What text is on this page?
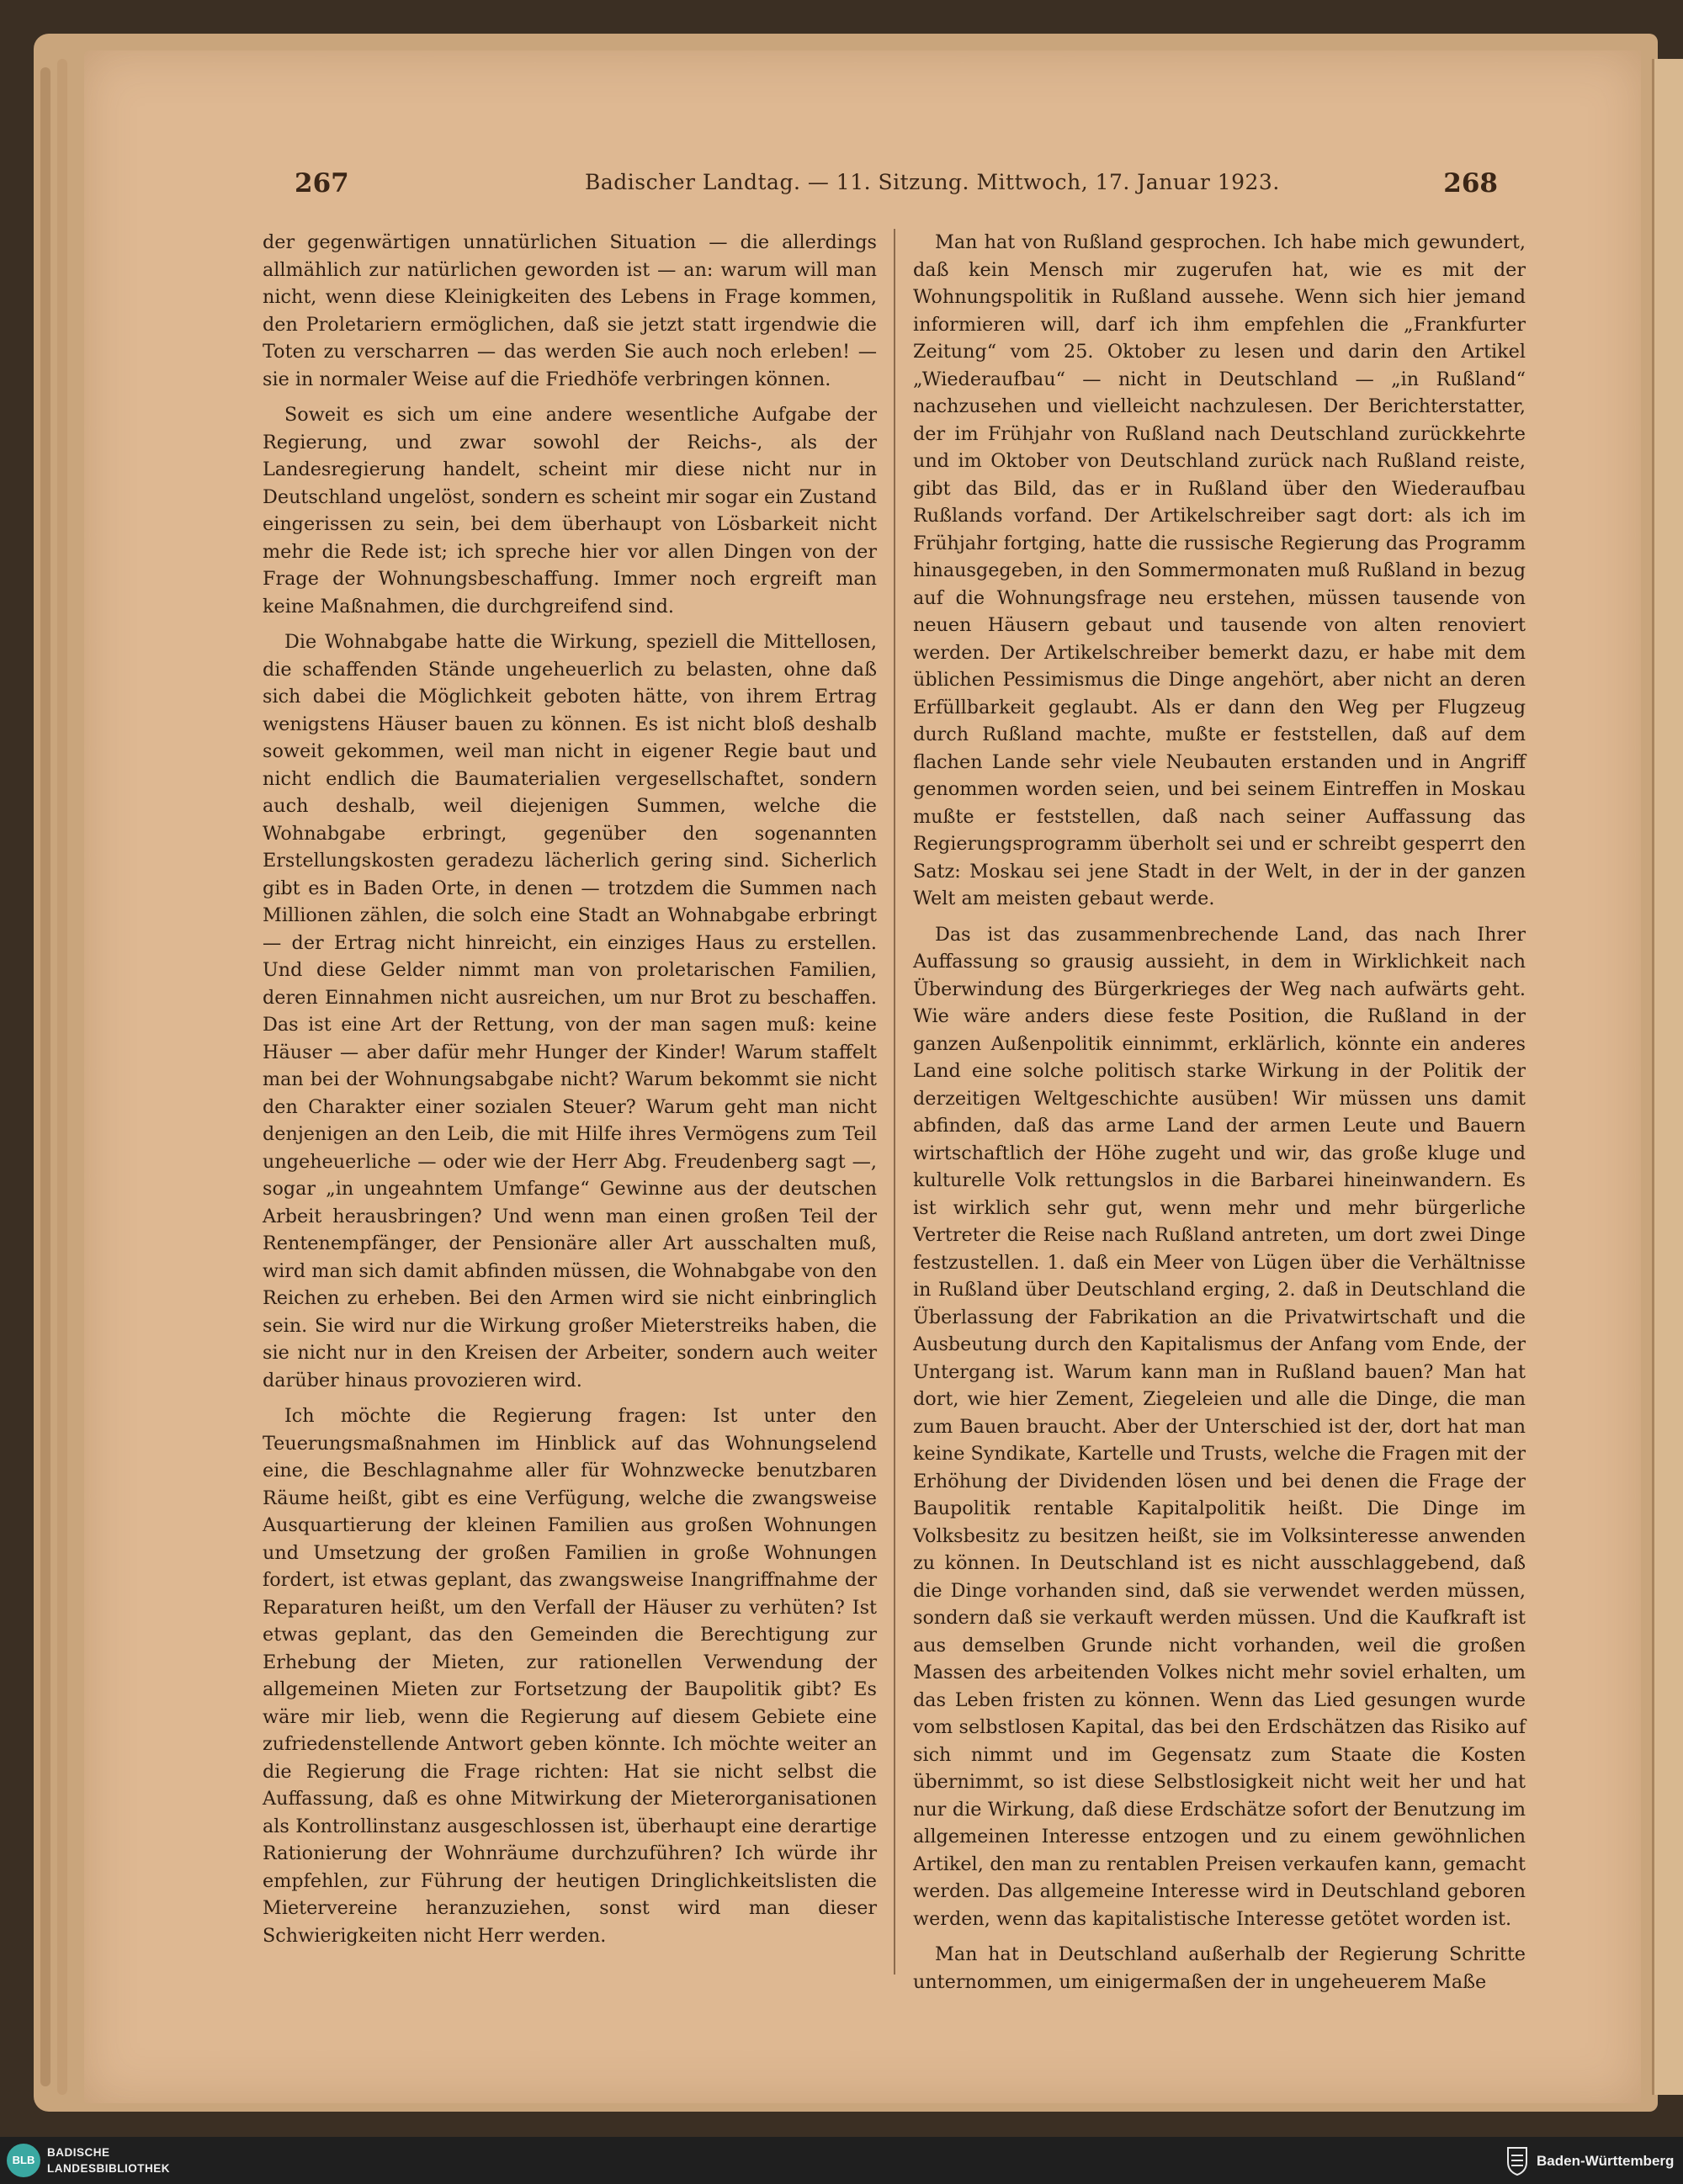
267	Badischer Landtag. — 11. Sitzung. Mittwoch, 17. Januar 1923.	268

der gegenwärtigen unnatürlichen Situation — die allerdings allmählich zur natürlichen geworden ist — an: warum will man nicht, wenn diese Kleinigkeiten des Lebens in Frage kommen, den Proletariern ermöglichen, daß sie jetzt statt irgendwie die Toten zu verscharren — das werden Sie auch noch erleben! — sie in normaler Weise auf die Friedhöfe verbringen können.

Soweit es sich um eine andere wesentliche Aufgabe der Regierung, und zwar sowohl der Reichs-, als der Landesregierung handelt, scheint mir diese nicht nur in Deutschland ungelöst, sondern es scheint mir sogar ein Zustand eingerissen zu sein, bei dem überhaupt von Lösbarkeit nicht mehr die Rede ist; ich spreche hier vor allen Dingen von der Frage der Wohnungsbeschaffung. Immer noch ergreift man keine Maßnahmen, die durchgreifend sind.

Die Wohnabgabe hatte die Wirkung, speziell die Mittellosen, die schaffenden Stände ungeheuerlich zu belasten, ohne daß sich dabei die Möglichkeit geboten hätte, von ihrem Ertrag wenigstens Häuser bauen zu können. Es ist nicht bloß deshalb soweit gekommen, weil man nicht in eigener Regie baut und nicht endlich die Baumaterialien vergesellschaftet, sondern auch deshalb, weil diejenigen Summen, welche die Wohnabgabe erbringt, gegenüber den sogenannten Erstellungskosten geradezu lächerlich gering sind. Sicherlich gibt es in Baden Orte, in denen — trotzdem die Summen nach Millionen zählen, die solch eine Stadt an Wohnabgabe erbringt — der Ertrag nicht hinreicht, ein einziges Haus zu erstellen. Und diese Gelder nimmt man von proletarischen Familien, deren Einnahmen nicht ausreichen, um nur Brot zu beschaffen. Das ist eine Art der Rettung, von der man sagen muß: keine Häuser — aber dafür mehr Hunger der Kinder! Warum staffelt man bei der Wohnungsabgabe nicht? Warum bekommt sie nicht den Charakter einer sozialen Steuer? Warum geht man nicht denjenigen an den Leib, die mit Hilfe ihres Vermögens zum Teil ungeheuerliche — oder wie der Herr Abg. Freudenberg sagt —, sogar „in ungeahntem Umfange“ Gewinne aus der deutschen Arbeit herausbringen? Und wenn man einen großen Teil der Rentenempfänger, der Pensionäre aller Art ausschalten muß, wird man sich damit abfinden müssen, die Wohnabgabe von den Reichen zu erheben. Bei den Armen wird sie nicht einbringlich sein. Sie wird nur die Wirkung großer Mieterstreiks haben, die sie nicht nur in den Kreisen der Arbeiter, sondern auch weiter darüber hinaus provozieren wird.

Ich möchte die Regierung fragen: Ist unter den Teuerungsmaßnahmen im Hinblick auf das Wohnungselend eine, die Beschlagnahme aller für Wohnzwecke benutzbaren Räume heißt, gibt es eine Verfügung, welche die zwangsweise Ausquartierung der kleinen Familien aus großen Wohnungen und Umsetzung der großen Familien in große Wohnungen fordert, ist etwas geplant, das zwangsweise Inangriffnahme der Reparaturen heißt, um den Verfall der Häuser zu verhüten? Ist etwas geplant, das den Gemeinden die Berechtigung zur Erhebung der Mieten, zur rationellen Verwendung der allgemeinen Mieten zur Fortsetzung der Baupolitik gibt? Es wäre mir lieb, wenn die Regierung auf diesem Gebiete eine zufriedenstellende Antwort geben könnte. Ich möchte weiter an die Regierung die Frage richten: Hat sie nicht selbst die Auffassung, daß es ohne Mitwirkung der Mieterorganisationen als Kontrollinstanz ausgeschlossen ist, überhaupt eine derartige Rationierung der Wohnräume durchzuführen? Ich würde ihr empfehlen, zur Führung der heutigen Dringlichkeitslisten die Mietervereine heranzuziehen, sonst wird man dieser Schwierigkeiten nicht Herr werden.

Man hat von Rußland gesprochen. Ich habe mich gewundert, daß kein Mensch mir zugerufen hat, wie es mit der Wohnungspolitik in Rußland aussehe. Wenn sich hier jemand informieren will, darf ich ihm empfehlen die „Frankfurter Zeitung“ vom 25. Oktober zu lesen und darin den Artikel „Wiederaufbau“ — nicht in Deutschland — „in Rußland“ nachzusehen und vielleicht nachzulesen. Der Berichterstatter, der im Frühjahr von Rußland nach Deutschland zurückkehrte und im Oktober von Deutschland zurück nach Rußland reiste, gibt das Bild, das er in Rußland über den Wiederaufbau Rußlands vorfand. Der Artikelschreiber sagt dort: als ich im Frühjahr fortging, hatte die russische Regierung das Programm hinausgegeben, in den Sommermonaten muß Rußland in bezug auf die Wohnungsfrage neu erstehen, müssen tausende von neuen Häusern gebaut und tausende von alten renoviert werden. Der Artikelschreiber bemerkt dazu, er habe mit dem üblichen Pessimismus die Dinge angehört, aber nicht an deren Erfüllbarkeit geglaubt. Als er dann den Weg per Flugzeug durch Rußland machte, mußte er feststellen, daß auf dem flachen Lande sehr viele Neubauten erstanden und in Angriff genommen worden seien, und bei seinem Eintreffen in Moskau mußte er feststellen, daß nach seiner Auffassung das Regierungsprogramm überholt sei und er schreibt gesperrt den Satz: Moskau sei jene Stadt in der Welt, in der in der ganzen Welt am meisten gebaut werde.

Das ist das zusammenbrechende Land, das nach Ihrer Auffassung so grausig aussieht, in dem in Wirklichkeit nach Überwindung des Bürgerkrieges der Weg nach aufwärts geht. Wie wäre anders diese feste Position, die Rußland in der ganzen Außenpolitik einnimmt, erklärlich, könnte ein anderes Land eine solche politisch starke Wirkung in der Politik der derzeitigen Weltgeschichte ausüben! Wir müssen uns damit abfinden, daß das arme Land der armen Leute und Bauern wirtschaftlich der Höhe zugeht und wir, das große kluge und kulturelle Volk rettungslos in die Barbarei hineinwandern. Es ist wirklich sehr gut, wenn mehr und mehr bürgerliche Vertreter die Reise nach Rußland antreten, um dort zwei Dinge festzustellen. 1. daß ein Meer von Lügen über die Verhältnisse in Rußland über Deutschland erging, 2. daß in Deutschland die Überlassung der Fabrikation an die Privatwirtschaft und die Ausbeutung durch den Kapitalismus der Anfang vom Ende, der Untergang ist. Warum kann man in Rußland bauen? Man hat dort, wie hier Zement, Ziegeleien und alle die Dinge, die man zum Bauen braucht. Aber der Unterschied ist der, dort hat man keine Syndikate, Kartelle und Trusts, welche die Fragen mit der Erhöhung der Dividenden lösen und bei denen die Frage der Baupolitik rentable Kapitalpolitik heißt. Die Dinge im Volksbesitz zu besitzen heißt, sie im Volksinteresse anwenden zu können. In Deutschland ist es nicht ausschlaggebend, daß die Dinge vorhanden sind, daß sie verwendet werden müssen, sondern daß sie verkauft werden müssen. Und die Kaufkraft ist aus demselben Grunde nicht vorhanden, weil die großen Massen des arbeitenden Volkes nicht mehr soviel erhalten, um das Leben fristen zu können. Wenn das Lied gesungen wurde vom selbstlosen Kapital, das bei den Erdschätzen das Risiko auf sich nimmt und im Gegensatz zum Staate die Kosten übernimmt, so ist diese Selbstlosigkeit nicht weit her und hat nur die Wirkung, daß diese Erdschätze sofort der Benutzung im allgemeinen Interesse entzogen und zu einem gewöhnlichen Artikel, den man zu rentablen Preisen verkaufen kann, gemacht werden. Das allgemeine Interesse wird in Deutschland geboren werden, wenn das kapitalistische Interesse getötet worden ist.

Man hat in Deutschland außerhalb der Regierung Schritte unternommen, um einigermaßen der in ungeheuerem Maße

BLB
BADISCHE
LANDESBIBLIOTHEK	Baden-Württemberg
